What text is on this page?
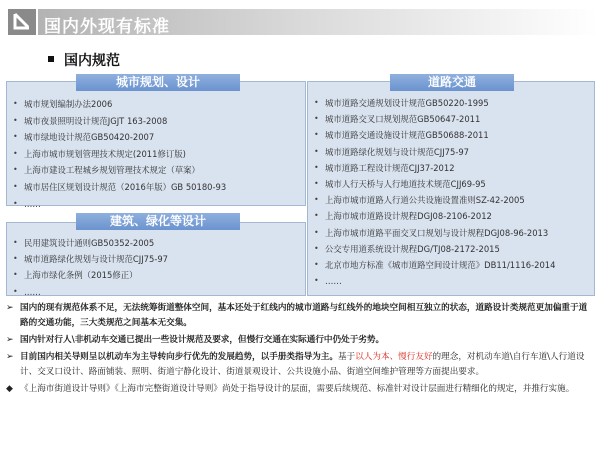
国内外现有标准
国内规范
城市规划、设计
• 城市规划编制办法2006
• 城市夜景照明设计规范JGJT 163-2008
• 城市绿地设计规范GB50420-2007
• 上海市城市规划管理技术规定(2011修订版)
• 上海市建设工程城乡规划管理技术规定（草案）
• 城市居住区规划设计规范（2016年版）GB 50180-93
• ……
建筑、绿化等设计
• 民用建筑设计通则GB50352-2005
• 城市道路绿化规划与设计规范CJJ75-97
• 上海市绿化条例（2015修正）
• ……
道路交通
• 城市道路交通规划设计规范GB50220-1995
• 城市道路交叉口规划规范GB50647-2011
• 城市道路交通设施设计规范GB50688-2011
• 城市道路绿化规划与设计规范CJJ75-97
• 城市道路工程设计规范CJJ37-2012
• 城市人行天桥与人行地道技术规范CJJ69-95
• 上海市城市道路人行道公共设施设置准则SZ-42-2005
• 上海市城市道路设计规程DGJ08-2106-2012
• 上海市城市道路平面交叉口规划与设计规程DGJ08-96-2013
• 公交专用道系统设计规程DG/TJ08-2172-2015
• 北京市地方标准《城市道路空间设计规范》DB11/1116-2014
• ……
➢ 国内的现有规范体系不足，无法统筹街道整体空间，基本还处于红线内的城市道路与红线外的地块空间相互独立的状态，道路设计类规范更加偏重于道路的交通功能，三大类规范之间基本无交集。
➢ 国内针对行人\非机动车交通已提出一些设计规范及要求，但慢行交通在实际通行中仍处于劣势。
➢ 目前国内相关导则呈以机动车为主导转向步行优先的发展趋势，以手册类指导为主。基于以人为本、慢行友好的理念，对机动车道\自行车道\人行道设计、交叉口设计、路面铺装、照明、街道宁静化设计、街道景观设计、公共设施小品、街道空间维护管理等方面提出要求。
◆ 《上海市街道设计导则》《上海市完整街道设计导则》尚处于指导设计的层面，需要后续规范、标准针对设计层面进行精细化的规定，并推行实施。
